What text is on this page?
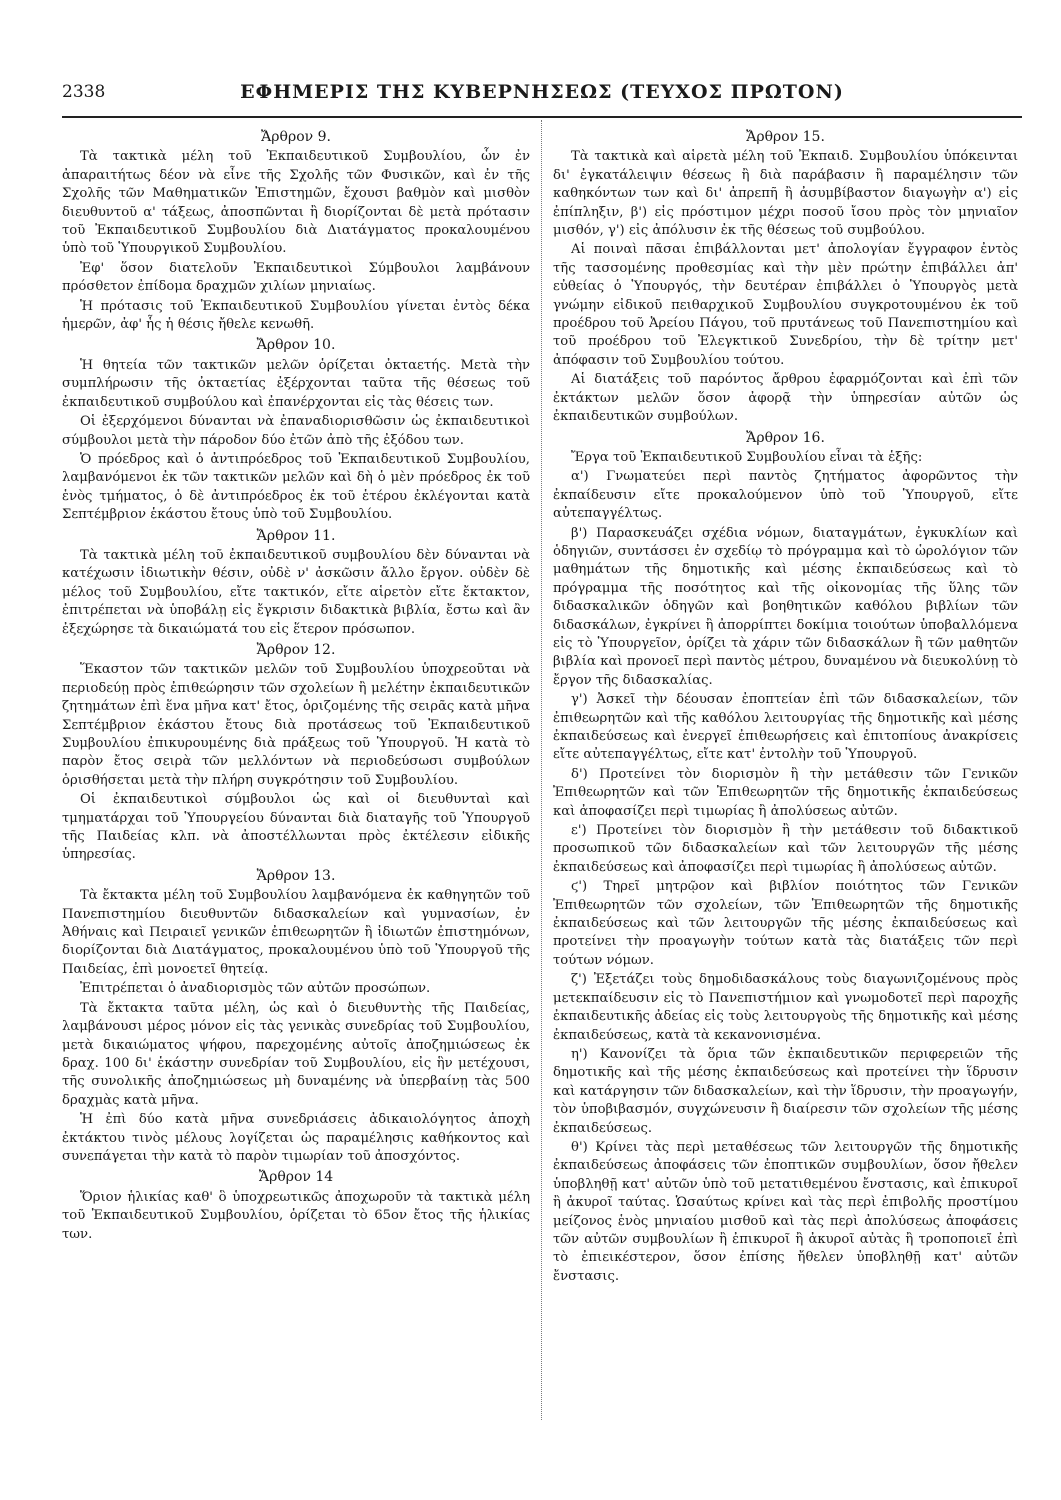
2338	ΕΦΗΜΕΡΙΣ ΤΗΣ ΚΥΒΕΡΝΗΣΕΩΣ (ΤΕΥΧΟΣ ΠΡΩΤΟΝ)
Ἄρθρον 9.

Τὰ τακτικὰ μέλη τοῦ Ἐκπαιδευτικοῦ Συμβουλίου, ὧν ἐν ἀπαραιτήτως δέον νὰ εἶνε τῆς Σχολῆς τῶν Φυσικῶν, καὶ ἐν τῆς Σχολῆς τῶν Μαθηματικῶν Ἐπιστημῶν, ἔχουσι βαθμὸν καὶ μισθὸν διευθυντοῦ α' τάξεως, ἀποσπῶνται ἢ διορίζονται δὲ μετὰ πρότασιν τοῦ Ἐκπαιδευτικοῦ Συμβουλίου διὰ Διατάγματος προκαλουμένου ὑπὸ τοῦ Ὑπουργικοῦ Συμβουλίου.

Ἐφ' ὅσον διατελοῦν Ἐκπαιδευτικοὶ Σύμβουλοι λαμβάνουν πρόσθετον ἐπίδομα δραχμῶν χιλίων μηνιαίως.

Ἡ πρότασις τοῦ Ἐκπαιδευτικοῦ Συμβουλίου γίνεται ἐντὸς δέκα ἡμερῶν, ἀφ' ἧς ἡ θέσις ἤθελε κενωθῆ.

Ἄρθρον 10.

Ἡ θητεία τῶν τακτικῶν μελῶν ὁρίζεται ὀκταετής. Μετὰ τὴν συμπλήρωσιν τῆς ὀκταετίας ἐξέρχονται ταῦτα τῆς θέσεως τοῦ ἐκπαιδευτικοῦ συμβούλου καὶ ἐπανέρχονται εἰς τὰς θέσεις των.

Οἱ ἐξερχόμενοι δύνανται νὰ ἐπαναδιορισθῶσιν ὡς ἐκπαιδευτικοὶ σύμβουλοι μετὰ τὴν πάροδον δύο ἐτῶν ἀπὸ τῆς ἐξόδου των.

Ὁ πρόεδρος καὶ ὁ ἀντιπρόεδρος τοῦ Ἐκπαιδευτικοῦ Συμβουλίου, λαμβανόμενοι ἐκ τῶν τακτικῶν μελῶν καὶ δὴ ὁ μὲν πρόεδρος ἐκ τοῦ ἑνὸς τμήματος, ὁ δὲ ἀντιπρόεδρος ἐκ τοῦ ἑτέρου ἐκλέγονται κατὰ Σεπτέμβριον ἑκάστου ἔτους ὑπὸ τοῦ Συμβουλίου.

Ἄρθρον 11.

Τὰ τακτικὰ μέλη τοῦ ἐκπαιδευτικοῦ συμβουλίου δὲν δύνανται νὰ κατέχωσιν ἰδιωτικὴν θέσιν, οὐδὲ ν' ἀσκῶσιν ἄλλο ἔργον. οὐδὲν δὲ μέλος τοῦ Συμβουλίου, εἴτε τακτικόν, εἴτε αἱρετὸν εἴτε ἔκτακτον, ἐπιτρέπεται νὰ ὑποβάλῃ εἰς ἔγκρισιν διδακτικὰ βιβλία, ἔστω καὶ ἂν ἐξεχώρησε τὰ δικαιώματά του εἰς ἕτερον πρόσωπον.

Ἄρθρον 12.

Ἕκαστον τῶν τακτικῶν μελῶν τοῦ Συμβουλίου ὑποχρεοῦται νὰ περιοδεύῃ πρὸς ἐπιθεώρησιν τῶν σχολείων ἢ μελέτην ἐκπαιδευτικῶν ζητημάτων ἐπὶ ἕνα μῆνα κατ' ἔτος, ὁριζομένης τῆς σειρᾶς κατὰ μῆνα Σεπτέμβριον ἑκάστου ἔτους διὰ προτάσεως τοῦ Ἐκπαιδευτικοῦ Συμβουλίου ἐπικυρουμένης διὰ πράξεως τοῦ Ὑπουργοῦ. Ἡ κατὰ τὸ παρὸν ἔτος σειρὰ τῶν μελλόντων νὰ περιοδεύσωσι συμβούλων ὁρισθήσεται μετὰ τὴν πλήρη συγκρότησιν τοῦ Συμβουλίου.

Οἱ ἐκπαιδευτικοὶ σύμβουλοι ὡς καὶ οἱ διευθυνταὶ καὶ τμηματάρχαι τοῦ Ὑπουργείου δύνανται διὰ διαταγῆς τοῦ Ὑπουργοῦ τῆς Παιδείας κλπ. νὰ ἀποστέλλωνται πρὸς ἐκτέλεσιν εἰδικῆς ὑπηρεσίας.

Ἄρθρον 13.

Τὰ ἔκτακτα μέλη τοῦ Συμβουλίου λαμβανόμενα ἐκ καθηγητῶν τοῦ Πανεπιστημίου διευθυντῶν διδασκαλείων καὶ γυμνασίων, ἐν Ἀθήναις καὶ Πειραιεῖ γενικῶν ἐπιθεωρητῶν ἢ ἰδιωτῶν ἐπιστημόνων, διορίζονται διὰ Διατάγματος, προκαλουμένου ὑπὸ τοῦ Ὑπουργοῦ τῆς Παιδείας, ἐπὶ μονοετεῖ θητείᾳ.

Ἐπιτρέπεται ὁ ἀναδιορισμὸς τῶν αὐτῶν προσώπων.

Τὰ ἔκτακτα ταῦτα μέλη, ὡς καὶ ὁ διευθυντὴς τῆς Παιδείας, λαμβάνουσι μέρος μόνον εἰς τὰς γενικὰς συνεδρίας τοῦ Συμβουλίου, μετὰ δικαιώματος ψήφου, παρεχομένης αὐτοῖς ἀποζημιώσεως ἐκ δραχ. 100 δι' ἑκάστην συνεδρίαν τοῦ Συμβουλίου, εἰς ἣν μετέχουσι, τῆς συνολικῆς ἀποζημιώσεως μὴ δυναμένης νὰ ὑπερβαίνῃ τὰς 500 δραχμὰς κατὰ μῆνα.

Ἡ ἐπὶ δύο κατὰ μῆνα συνεδριάσεις ἀδικαιολόγητος ἀποχὴ ἐκτάκτου τινὸς μέλους λογίζεται ὡς παραμέλησις καθήκοντος καὶ συνεπάγεται τὴν κατὰ τὸ παρὸν τιμωρίαν τοῦ ἀποσχόντος.

Ἄρθρον 14

Ὅριον ἡλικίας καθ' ὃ ὑποχρεωτικῶς ἀποχωροῦν τὰ τακτικὰ μέλη τοῦ Ἐκπαιδευτικοῦ Συμβουλίου, ὁρίζεται τὸ 65ον ἔτος τῆς ἡλικίας των.

Ἄρθρον 15.

Τὰ τακτικὰ καὶ αἱρετὰ μέλη τοῦ Ἐκπαιδ. Συμβουλίου ὑπόκεινται δι' ἐγκατάλειψιν θέσεως ἢ διὰ παράβασιν ἢ παραμέλησιν τῶν καθηκόντων των καὶ δι' ἀπρεπῆ ἢ ἀσυμβίβαστον διαγωγὴν α') εἰς ἐπίπληξιν, β') εἰς πρόστιμον μέχρι ποσοῦ ἴσου πρὸς τὸν μηνιαῖον μισθόν, γ') εἰς ἀπόλυσιν ἐκ τῆς θέσεως τοῦ συμβούλου.

Αἱ ποιναὶ πᾶσαι ἐπιβάλλονται μετ' ἀπολογίαν ἔγγραφον ἐντὸς τῆς τασσομένης προθεσμίας καὶ τὴν μὲν πρώτην ἐπιβάλλει ἀπ' εὐθείας ὁ Ὑπουργός, τὴν δευτέραν ἐπιβάλλει ὁ Ὑπουργὸς μετὰ γνώμην εἰδικοῦ πειθαρχικοῦ Συμβουλίου συγκροτουμένου ἐκ τοῦ προέδρου τοῦ Ἀρείου Πάγου, τοῦ πρυτάνεως τοῦ Πανεπιστημίου καὶ τοῦ προέδρου τοῦ Ἐλεγκτικοῦ Συνεδρίου, τὴν δὲ τρίτην μετ' ἀπόφασιν τοῦ Συμβουλίου τούτου.

Αἱ διατάξεις τοῦ παρόντος ἄρθρου ἐφαρμόζονται καὶ ἐπὶ τῶν ἐκτάκτων μελῶν ὅσον ἀφορᾷ τὴν ὑπηρεσίαν αὐτῶν ὡς ἐκπαιδευτικῶν συμβούλων.

Ἄρθρον 16.

Ἔργα τοῦ Ἐκπαιδευτικοῦ Συμβουλίου εἶναι τὰ ἑξῆς:

α') Γνωματεύει περὶ παντὸς ζητήματος ἀφορῶντος τὴν ἐκπαίδευσιν εἴτε προκαλούμενον ὑπὸ τοῦ Ὑπουργοῦ, εἴτε αὐτεπαγγέλτως.

β') Παρασκευάζει σχέδια νόμων, διαταγμάτων, ἐγκυκλίων καὶ ὁδηγιῶν, συντάσσει ἐν σχεδίῳ τὸ πρόγραμμα καὶ τὸ ὡρολόγιον τῶν μαθημάτων τῆς δημοτικῆς καὶ μέσης ἐκπαιδεύσεως καὶ τὸ πρόγραμμα τῆς ποσότητος καὶ τῆς οἰκονομίας τῆς ὕλης τῶν διδασκαλικῶν ὁδηγῶν καὶ βοηθητικῶν καθόλου βιβλίων τῶν διδασκάλων, ἐγκρίνει ἢ ἀπορρίπτει δοκίμια τοιούτων ὑποβαλλόμενα εἰς τὸ Ὑπουργεῖον, ὁρίζει τὰ χάριν τῶν διδασκάλων ἢ τῶν μαθητῶν βιβλία καὶ προνοεῖ περὶ παντὸς μέτρου, δυναμένου νὰ διευκολύνῃ τὸ ἔργον τῆς διδασκαλίας.

γ') Ἀσκεῖ τὴν δέουσαν ἐποπτείαν ἐπὶ τῶν διδασκαλείων, τῶν ἐπιθεωρητῶν καὶ τῆς καθόλου λειτουργίας τῆς δημοτικῆς καὶ μέσης ἐκπαιδεύσεως καὶ ἐνεργεῖ ἐπιθεωρήσεις καὶ ἐπιτοπίους ἀνακρίσεις εἴτε αὐτεπαγγέλτως, εἴτε κατ' ἐντολὴν τοῦ Ὑπουργοῦ.

δ') Προτείνει τὸν διορισμὸν ἢ τὴν μετάθεσιν τῶν Γενικῶν Ἐπιθεωρητῶν καὶ τῶν Ἐπιθεωρητῶν τῆς δημοτικῆς ἐκπαιδεύσεως καὶ ἀποφασίζει περὶ τιμωρίας ἢ ἀπολύσεως αὐτῶν.

ε') Προτείνει τὸν διορισμὸν ἢ τὴν μετάθεσιν τοῦ διδακτικοῦ προσωπικοῦ τῶν διδασκαλείων καὶ τῶν λειτουργῶν τῆς μέσης ἐκπαιδεύσεως καὶ ἀποφασίζει περὶ τιμωρίας ἢ ἀπολύσεως αὐτῶν.

ϛ') Τηρεῖ μητρῷον καὶ βιβλίον ποιότητος τῶν Γενικῶν Ἐπιθεωρητῶν τῶν σχολείων, τῶν Ἐπιθεωρητῶν τῆς δημοτικῆς ἐκπαιδεύσεως καὶ τῶν λειτουργῶν τῆς μέσης ἐκπαιδεύσεως καὶ προτείνει τὴν προαγωγὴν τούτων κατὰ τὰς διατάξεις τῶν περὶ τούτων νόμων.

ζ') Ἐξετάζει τοὺς δημοδιδασκάλους τοὺς διαγωνιζομένους πρὸς μετεκπαίδευσιν εἰς τὸ Πανεπιστήμιον καὶ γνωμοδοτεῖ περὶ παροχῆς ἐκπαιδευτικῆς ἀδείας εἰς τοὺς λειτουργοὺς τῆς δημοτικῆς καὶ μέσης ἐκπαιδεύσεως, κατὰ τὰ κεκανονισμένα.

η') Κανονίζει τὰ ὅρια τῶν ἐκπαιδευτικῶν περιφερειῶν τῆς δημοτικῆς καὶ τῆς μέσης ἐκπαιδεύσεως καὶ προτείνει τὴν ἵδρυσιν καὶ κατάργησιν τῶν διδασκαλείων, καὶ τὴν ἵδρυσιν, τὴν προαγωγήν, τὸν ὑποβιβασμόν, συγχώνευσιν ἢ διαίρεσιν τῶν σχολείων τῆς μέσης ἐκπαιδεύσεως.

θ') Κρίνει τὰς περὶ μεταθέσεως τῶν λειτουργῶν τῆς δημοτικῆς ἐκπαιδεύσεως ἀποφάσεις τῶν ἐποπτικῶν συμβουλίων, ὅσον ἤθελεν ὑποβληθῇ κατ' αὐτῶν ὑπὸ τοῦ μετατιθεμένου ἔνστασις, καὶ ἐπικυροῖ ἢ ἀκυροῖ ταύτας. Ὡσαύτως κρίνει καὶ τὰς περὶ ἐπιβολῆς προστίμου μείζονος ἑνὸς μηνιαίου μισθοῦ καὶ τὰς περὶ ἀπολύσεως ἀποφάσεις τῶν αὐτῶν συμβουλίων ἢ ἐπικυροῖ ἢ ἀκυροῖ αὐτὰς ἢ τροποποιεῖ ἐπὶ τὸ ἐπιεικέστερον, ὅσον ἐπίσης ἤθελεν ὑποβληθῇ κατ' αὐτῶν ἔνστασις.
